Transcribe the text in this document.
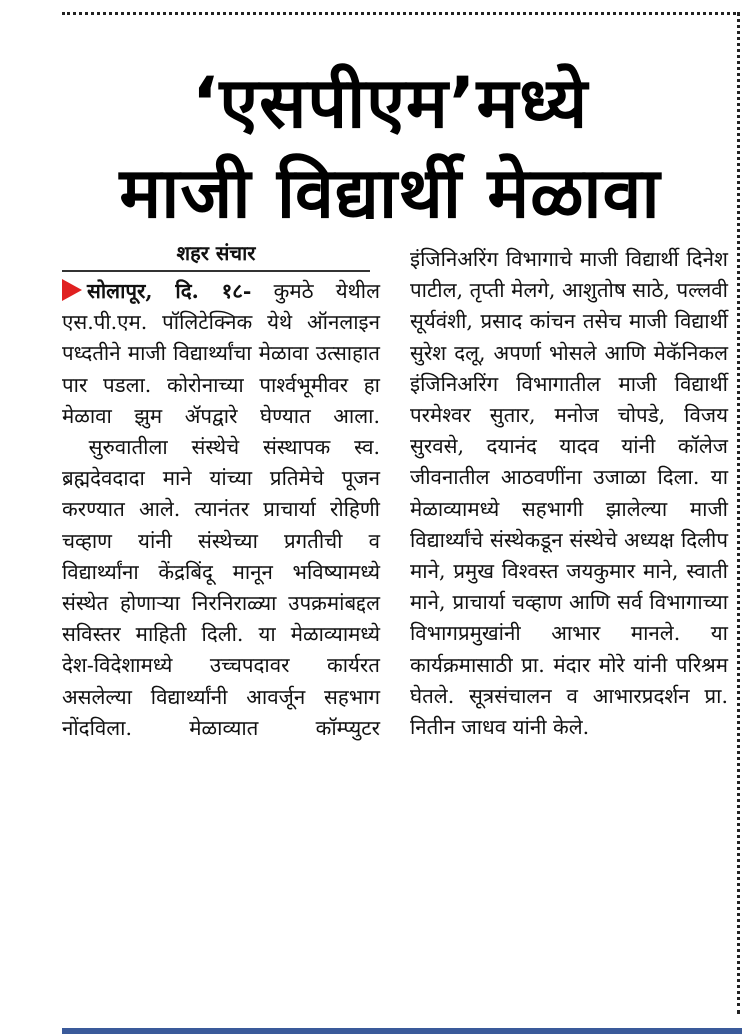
‘एसपीएम’मध्ये
माजी विद्यार्थी मेळावा
शहर संचार

सोलापूर, दि. १८- कुमठे येथील एस.पी.एम. पॉलिटेक्निक येथे ऑनलाइन पध्दतीने माजी विद्यार्थ्यांचा मेळावा उत्साहात पार पडला. कोरोनाच्या पार्श्वभूमीवर हा मेळावा झुम ॲपद्वारे घेण्यात आला.

सुरुवातीला संस्थेचे संस्थापक स्व. ब्रह्मदेवदादा माने यांच्या प्रतिमेचे पूजन करण्यात आले. त्यानंतर प्राचार्या रोहिणी चव्हाण यांनी संस्थेच्या प्रगतीची व विद्यार्थ्यांना केंद्रबिंदू मानून भविष्यामध्ये संस्थेत होणाऱ्या निरनिराळ्या उपक्रमांबद्दल सविस्तर माहिती दिली. या मेळाव्यामध्ये देश-विदेशामध्ये उच्चपदावर कार्यरत असलेल्या विद्यार्थ्यांनी आवर्जून सहभाग नोंदविला. मेळाव्यात कॉम्प्युटर

इंजिनिअरिंग विभागाचे माजी विद्यार्थी दिनेश पाटील, तृप्ती मेलगे, आशुतोष साठे, पल्लवी सूर्यवंशी, प्रसाद कांचन तसेच माजी विद्यार्थी सुरेश दलू, अपर्णा भोसले आणि मेकॅनिकल इंजिनिअरिंग विभागातील माजी विद्यार्थी परमेश्वर सुतार, मनोज चोपडे, विजय सुरवसे, दयानंद यादव यांनी कॉलेज जीवनातील आठवणींना उजाळा दिला. या मेळाव्यामध्ये सहभागी झालेल्या माजी विद्यार्थ्यांचे संस्थेकडून संस्थेचे अध्यक्ष दिलीप माने, प्रमुख विश्वस्त जयकुमार माने, स्वाती माने, प्राचार्या चव्हाण आणि सर्व विभागाच्या विभागप्रमुखांनी आभार मानले. या कार्यक्रमासाठी प्रा. मंदार मोरे यांनी परिश्रम घेतले. सूत्रसंचालन व आभारप्रदर्शन प्रा. नितीन जाधव यांनी केले.
